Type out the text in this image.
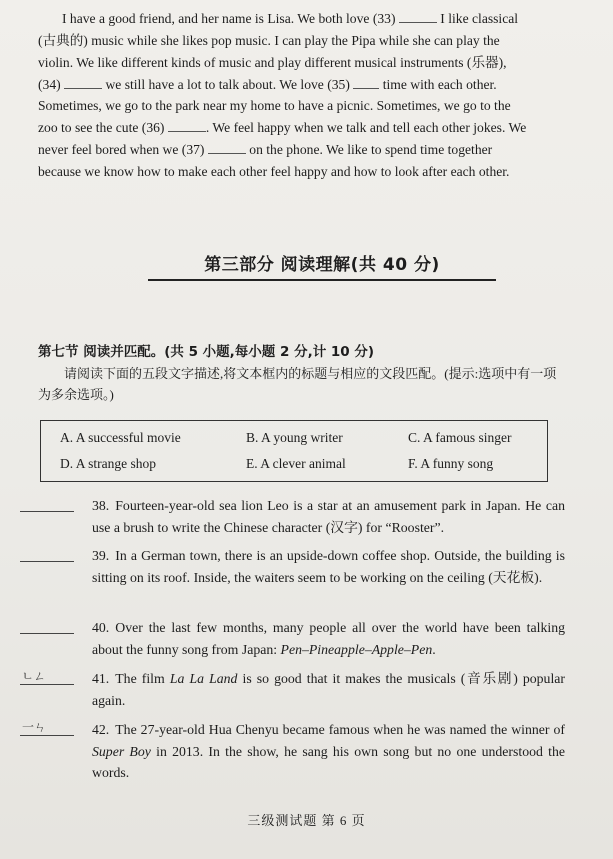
I have a good friend, and her name is Lisa. We both love (33)	I like classical
(古典的) music while she likes pop music. I can play the Pipa while she can play the
violin. We like different kinds of music and play different musical instruments (乐器),
(34)	we still have a lot to talk about. We love (35) time with each other.
Sometimes, we go to the park near my home to have a picnic. Sometimes, we go to the
zoo to see the cute (36)	. We feel happy when we talk and tell each other jokes. We
never feel bored when we (37)	on the phone. We like to spend time together
because we know how to make each other feel happy and how to look after each other.
第三部分 阅读理解(共 40 分)
第七节 阅读并匹配。(共 5 小题,每小题 2 分,计 10 分)
请阅读下面的五段文字描述,将文本框内的标题与相应的文段匹配。(提示:选项中有一项为多余选项。)
A. A successful movie	B. A young writer	C. A famous singer
D. A strange shop	E. A clever animal	F. A funny song
38. Fourteen-year-old sea lion Leo is a star at an amusement park in Japan. He can use a brush to write the Chinese character (汉字) for “Rooster”.
39. In a German town, there is an upside-down coffee shop. Outside, the building is sitting on its roof. Inside, the waiters seem to be working on the ceiling (天花板).
40. Over the last few months, many people all over the world have been talking about the funny song from Japan: Pen–Pineapple–Apple–Pen.
ㄴㄥ	41. The film La La Land is so good that it makes the musicals (音乐剧) popular again.
一ㄣ	42. The 27-year-old Hua Chenyu became famous when he was named the winner of Super Boy in 2013. In the show, he sang his own song but no one understood the words.
三级测试题 第 6 页
